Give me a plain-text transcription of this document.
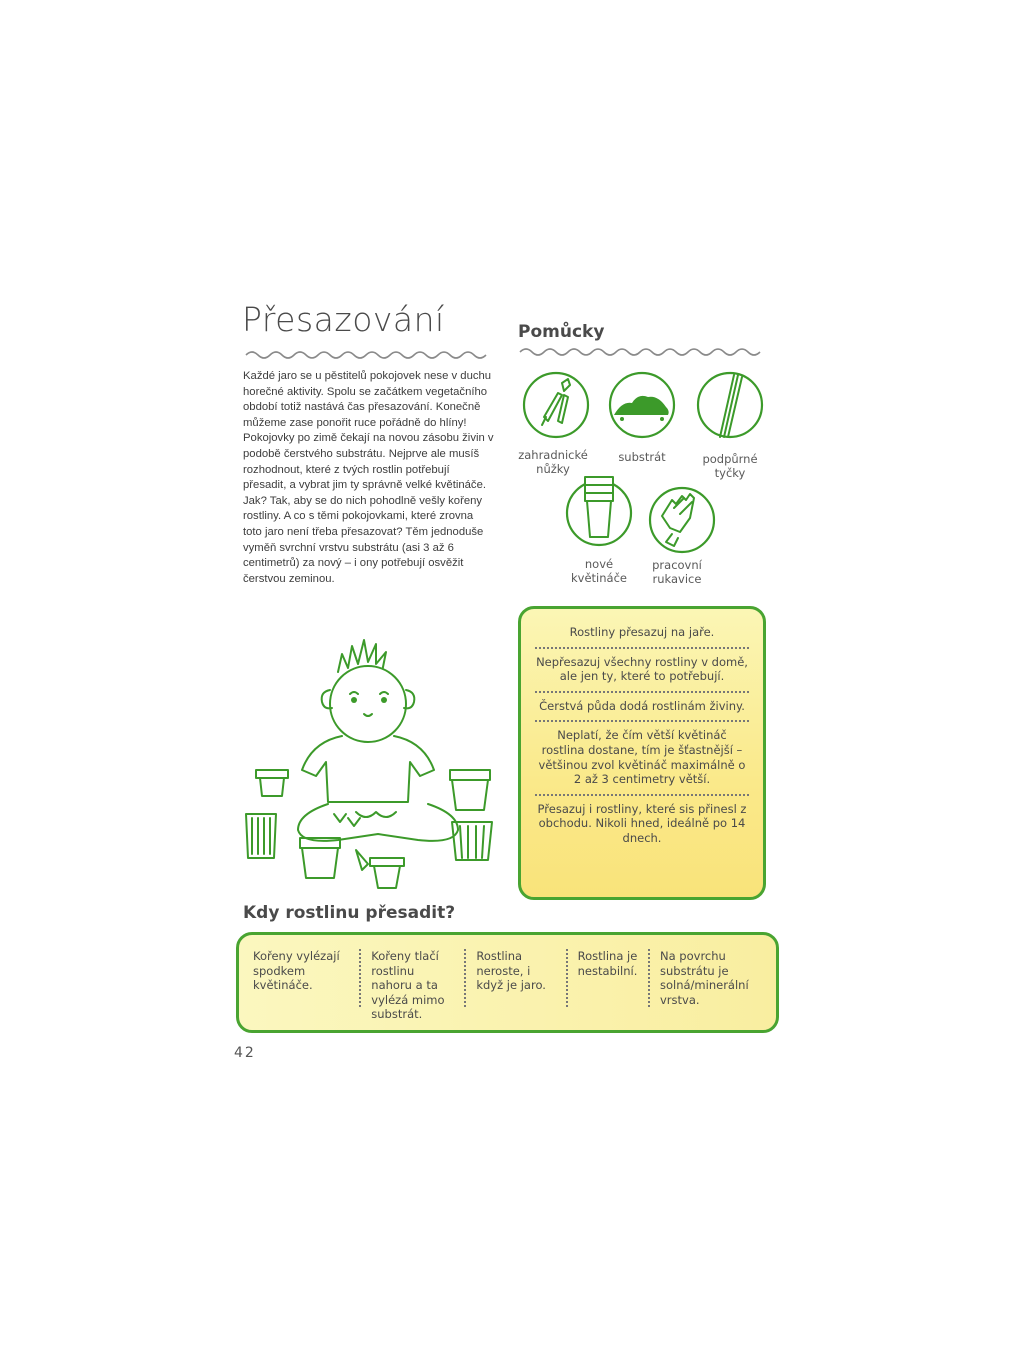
Přesazování

Každé jaro se u pěstitelů pokojovek nese v duchu horečné aktivity. Spolu se začátkem vegetačního období totiž nastává čas přesazování. Konečně můžeme zase ponořit ruce pořádně do hlíny! Pokojovky po zimě čekají na novou zásobu živin v podobě čerstvého substrátu. Nejprve ale musíš rozhodnout, které z tvých rostlin potřebují přesadit, a vybrat jim ty správně velké květináče. Jak? Tak, aby se do nich pohodlně vešly kořeny rostliny. A co s těmi pokojovkami, které zrovna toto jaro není třeba přesazovat? Těm jednoduše vyměň svrchní vrstvu substrátu (asi 3 až 6 centimetrů) za nový – i ony potřebují osvěžit čerstvou zeminou.

Pomůcky
zahradnické
nůžky
substrát	podpůrné
tyčky
nové
květináče
pracovní
rukavice
Rostliny přesazuj na jaře.
Nepřesazuj všechny rostliny v domě, ale jen ty, které to potřebují.
Čerstvá půda dodá rostlinám živiny.
Neplatí, že čím větší květináč rostlina dostane, tím je šťastnější – většinou zvol květináč maximálně o 2 až 3 centimetry větší.
Přesazuj i rostliny, které sis přinesl z obchodu. Nikoli hned, ideálně po 14 dnech.
Kdy rostlinu přesadit?
Kořeny vylézají spodkem květináče.
Kořeny tlačí rostlinu nahoru a ta vylézá mimo substrát.
Rostlina neroste, i když je jaro.
Rostlina je nestabilní.
Na povrchu substrátu je solná/minerální vrstva.
42
